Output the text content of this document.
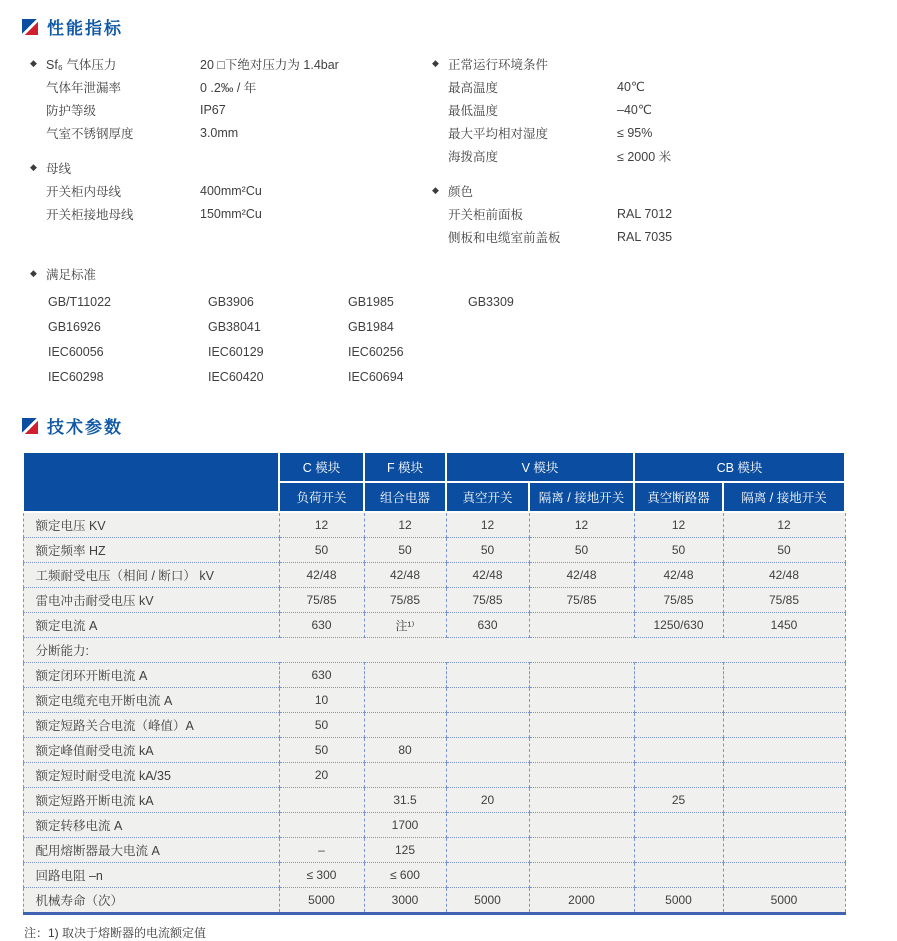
性能指标
◆ Sf₆ 气体压力	20 □下绝对压力为 1.4bar
气体年泄漏率	0 .2‰ / 年
防护等级	IP67
气室不锈钢厚度	3.0mm
◆ 母线
开关柜内母线	400mm²Cu
开关柜接地母线	150mm²Cu
◆ 正常运行环境条件
最高温度	40℃
最低温度	–40℃
最大平均相对湿度	≤ 95%
海拨高度	≤ 2000 米
◆ 颜色
开关柜前面板	RAL 7012
侧板和电缆室前盖板	RAL 7035
◆ 满足标准
GB/T11022	GB3906	GB1985	GB3309
GB16926	GB38041	GB1984
IEC60056	IEC60129	IEC60256
IEC60298	IEC60420	IEC60694
技术参数
	C 模块	F 模块	V 模块		CB 模块	
	负荷开关	组合电器	真空开关	隔离 / 接地开关	真空断路器	隔离 / 接地开关
额定电压 KV	12	12	12	12	12	12
额定频率 HZ	50	50	50	50	50	50
工频耐受电压（相间 / 断口） kV	42/48	42/48	42/48	42/48	42/48	42/48
雷电冲击耐受电压 kV	75/85	75/85	75/85	75/85	75/85	75/85
额定电流 A	630	注¹⁾	630		1250/630	1450
分断能力:						
额定闭环开断电流 A	630					
额定电缆充电开断电流 A	10					
额定短路关合电流（峰值）A	50					
额定峰值耐受电流 kA	50	80				
额定短时耐受电流 kA/35	20					
额定短路开断电流 kA		31.5	20		25	
额定转移电流 A		1700				
配用熔断器最大电流 A	–	125				
回路电阻 –n	≤ 300	≤ 600				
机械寿命（次）	5000	3000	5000	2000	5000	5000

注：1) 取决于熔断器的电流额定值
